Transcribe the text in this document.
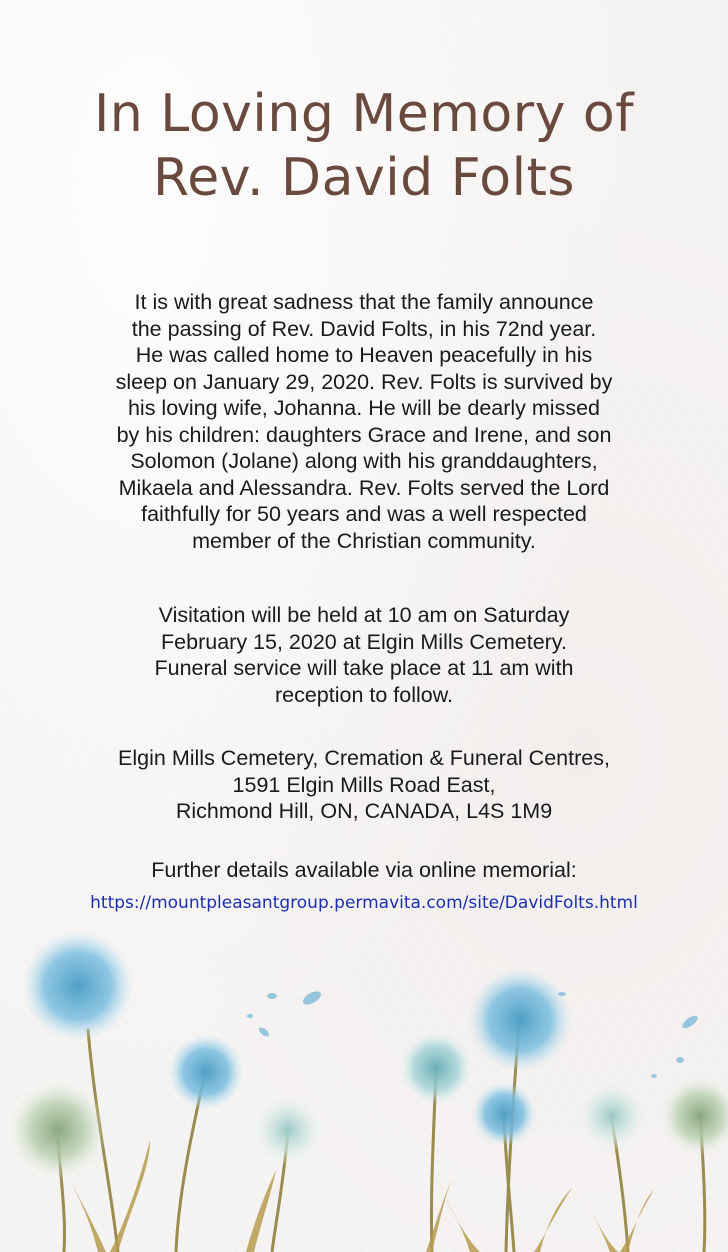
In Loving Memory of
Rev. David Folts
It is with great sadness that the family announce
the passing of Rev. David Folts, in his 72nd year.
He was called home to Heaven peacefully in his
sleep on January 29, 2020. Rev. Folts is survived by
his loving wife, Johanna. He will be dearly missed
by his children: daughters Grace and Irene, and son
Solomon (Jolane) along with his granddaughters,
Mikaela and Alessandra. Rev. Folts served the Lord
faithfully for 50 years and was a well respected
member of the Christian community.
Visitation will be held at 10 am on Saturday
February 15, 2020 at Elgin Mills Cemetery.
Funeral service will take place at 11 am with
reception to follow.
Elgin Mills Cemetery, Cremation & Funeral Centres,
1591 Elgin Mills Road East,
Richmond Hill, ON, CANADA, L4S 1M9
Further details available via online memorial:
https://mountpleasantgroup.permavita.com/site/DavidFolts.html
